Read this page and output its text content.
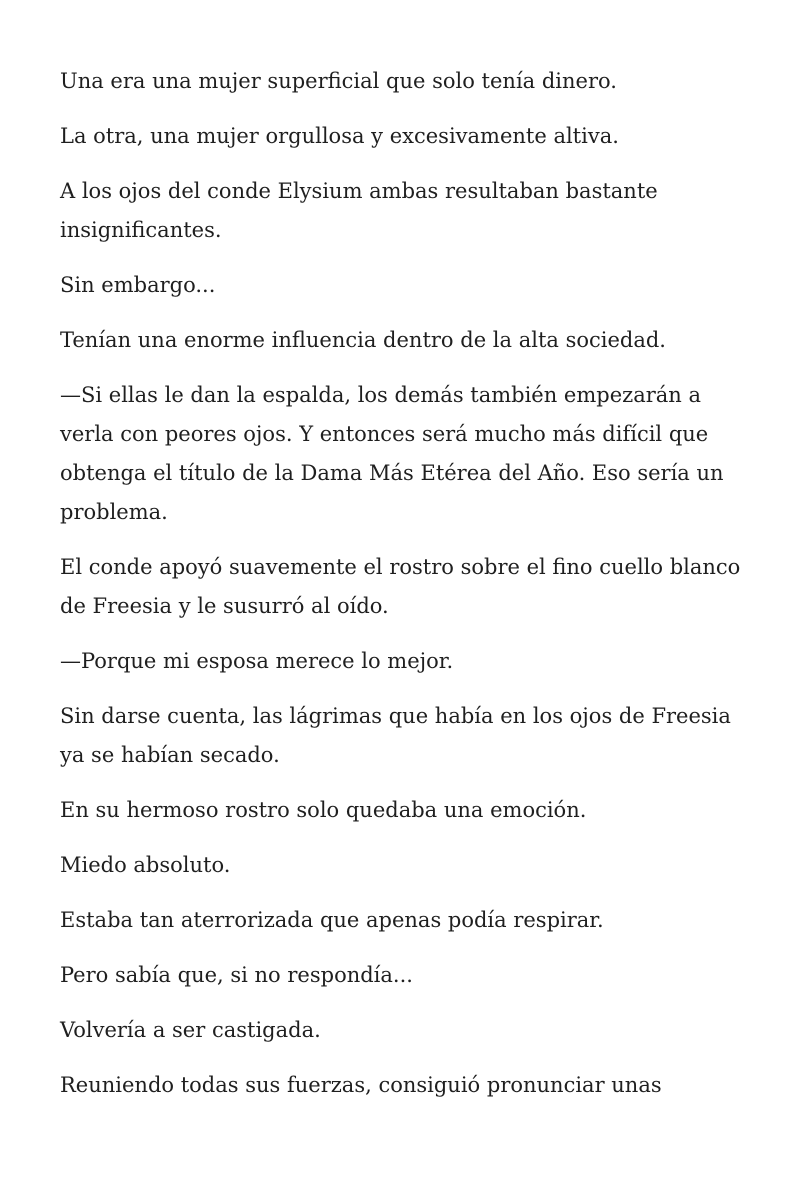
Una era una mujer superficial que solo tenía dinero.

La otra, una mujer orgullosa y excesivamente altiva.

A los ojos del conde Elysium ambas resultaban bastante insignificantes.

Sin embargo...

Tenían una enorme influencia dentro de la alta sociedad.

—Si ellas le dan la espalda, los demás también empezarán a verla con peores ojos. Y entonces será mucho más difícil que obtenga el título de la Dama Más Etérea del Año. Eso sería un problema.

El conde apoyó suavemente el rostro sobre el fino cuello blanco de Freesia y le susurró al oído.

—Porque mi esposa merece lo mejor.

Sin darse cuenta, las lágrimas que había en los ojos de Freesia ya se habían secado.

En su hermoso rostro solo quedaba una emoción.

Miedo absoluto.

Estaba tan aterrorizada que apenas podía respirar.

Pero sabía que, si no respondía...

Volvería a ser castigada.

Reuniendo todas sus fuerzas, consiguió pronunciar unas
